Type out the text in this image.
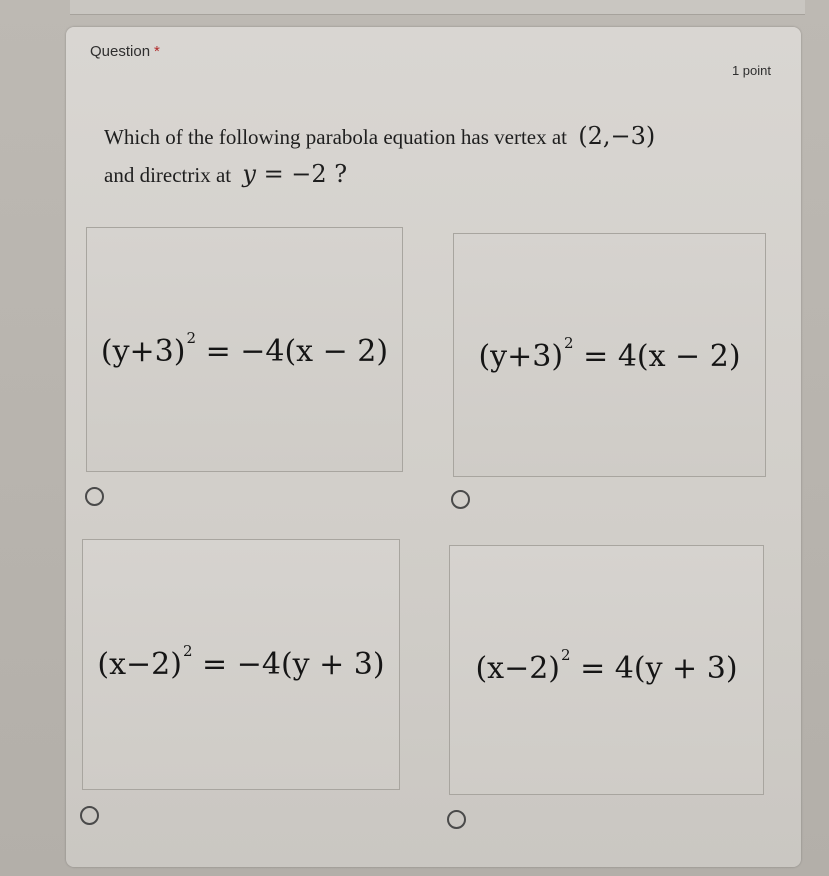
Question *
1 point
Which of the following parabola equation has vertex at (2,−3)
and directrix at y = −2 ?
$(y+3)^2 = -4(x - 2)$	$(y+3)^2 = 4(x - 2)$
$(x-2)^2 = -4(y + 3)$	$(x-2)^2 = 4(y + 3)$
